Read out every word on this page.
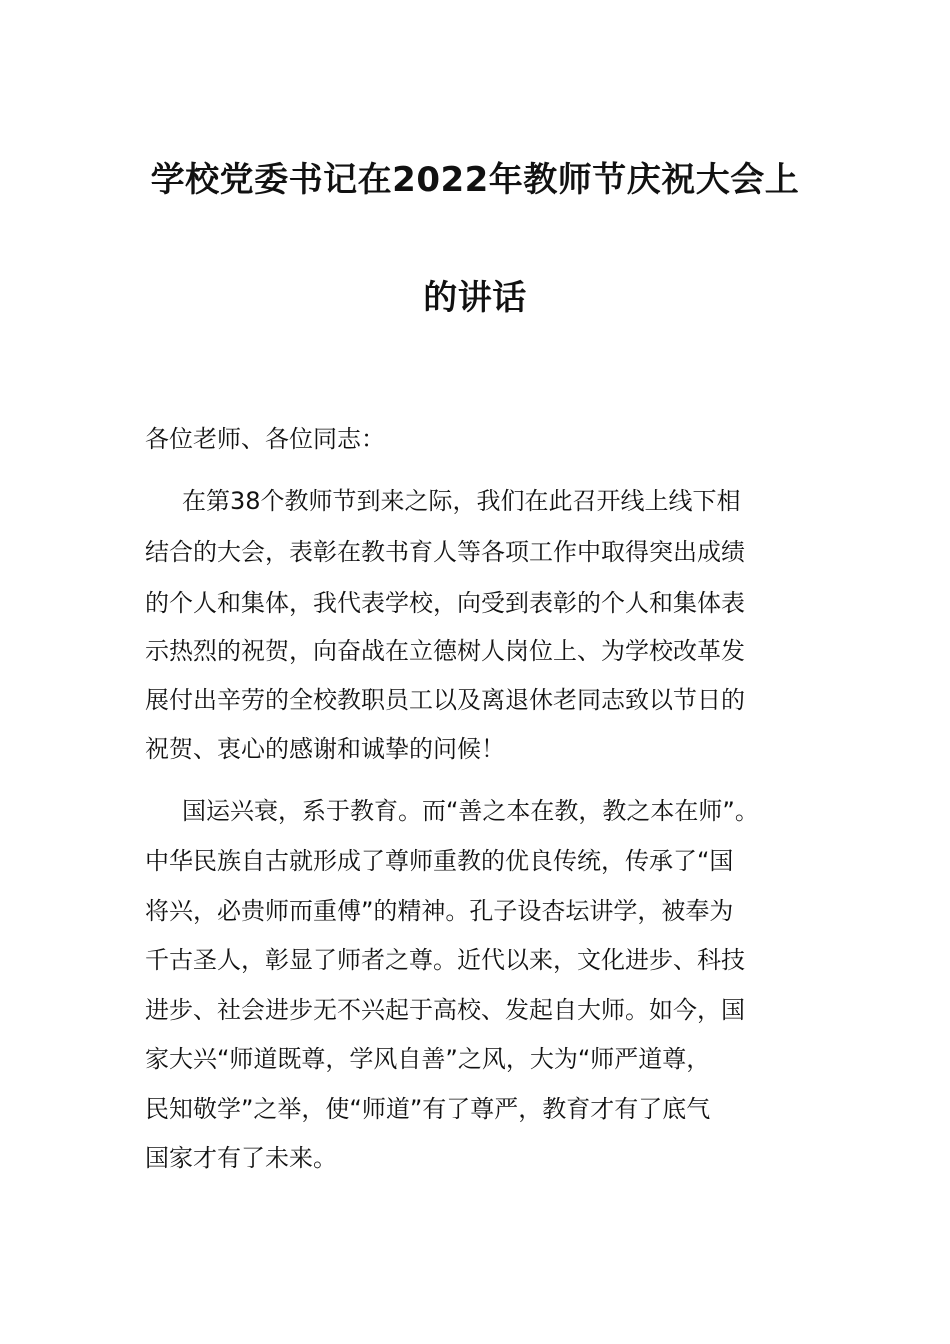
学校党委书记在2022年教师节庆祝大会上
的讲话
各位老师、各位同志：
在第38个教师节到来之际，我们在此召开线上线下相
结合的大会，表彰在教书育人等各项工作中取得突出成绩
的个人和集体，我代表学校，向受到表彰的个人和集体表
示热烈的祝贺，向奋战在立德树人岗位上、为学校改革发
展付出辛劳的全校教职员工以及离退休老同志致以节日的
祝贺、衷心的感谢和诚挚的问候！
国运兴衰，系于教育。而“善之本在教，教之本在师”。
中华民族自古就形成了尊师重教的优良传统，传承了“国
将兴，必贵师而重傅”的精神。孔子设杏坛讲学，被奉为
千古圣人，彰显了师者之尊。近代以来，文化进步、科技
进步、社会进步无不兴起于高校、发起自大师。如今，国
家大兴“师道既尊，学风自善”之风，大为“师严道尊，
民知敬学”之举，使“师道”有了尊严，教育才有了底气
国家才有了未来。
